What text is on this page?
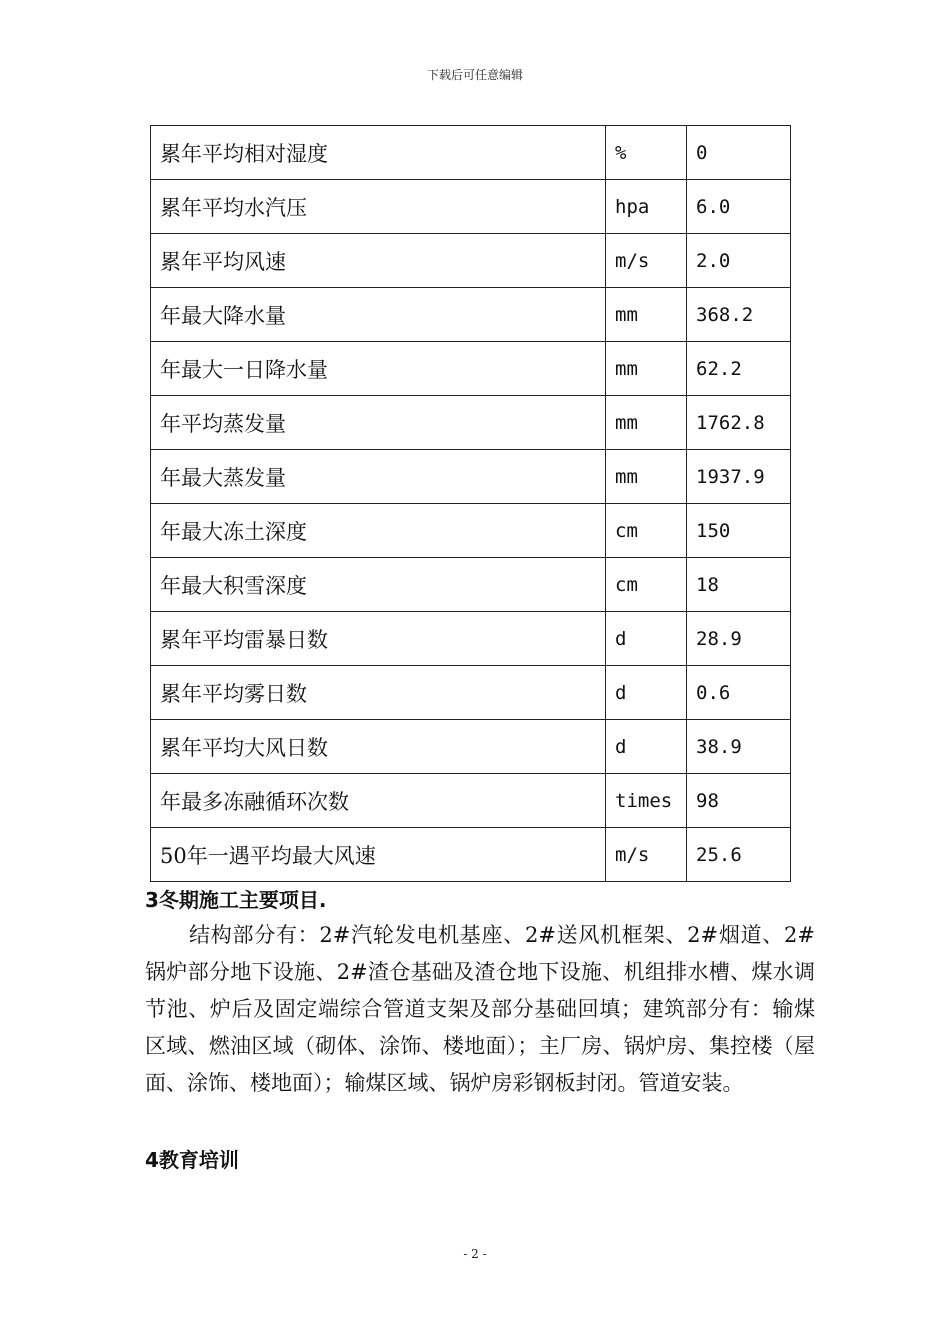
下载后可任意编辑
累年平均相对湿度	%	0
累年平均水汽压	hpa	6.0
累年平均风速	m/s	2.0
年最大降水量	mm	368.2
年最大一日降水量	mm	62.2
年平均蒸发量	mm	1762.8
年最大蒸发量	mm	1937.9
年最大冻土深度	cm	150
年最大积雪深度	cm	18
累年平均雷暴日数	d	28.9
累年平均雾日数	d	0.6
累年平均大风日数	d	38.9
年最多冻融循环次数	times	98
50年一遇平均最大风速	m/s	25.6
3冬期施工主要项目.
结构部分有：2#汽轮发电机基座、2#送风机框架、2#烟道、2#锅炉部分地下设施、2#渣仓基础及渣仓地下设施、机组排水槽、煤水调节池、炉后及固定端综合管道支架及部分基础回填；建筑部分有：输煤区域、燃油区域（砌体、涂饰、楼地面）；主厂房、锅炉房、集控楼（屋面、涂饰、楼地面）；输煤区域、锅炉房彩钢板封闭。管道安装。
4教育培训
- 2 -
